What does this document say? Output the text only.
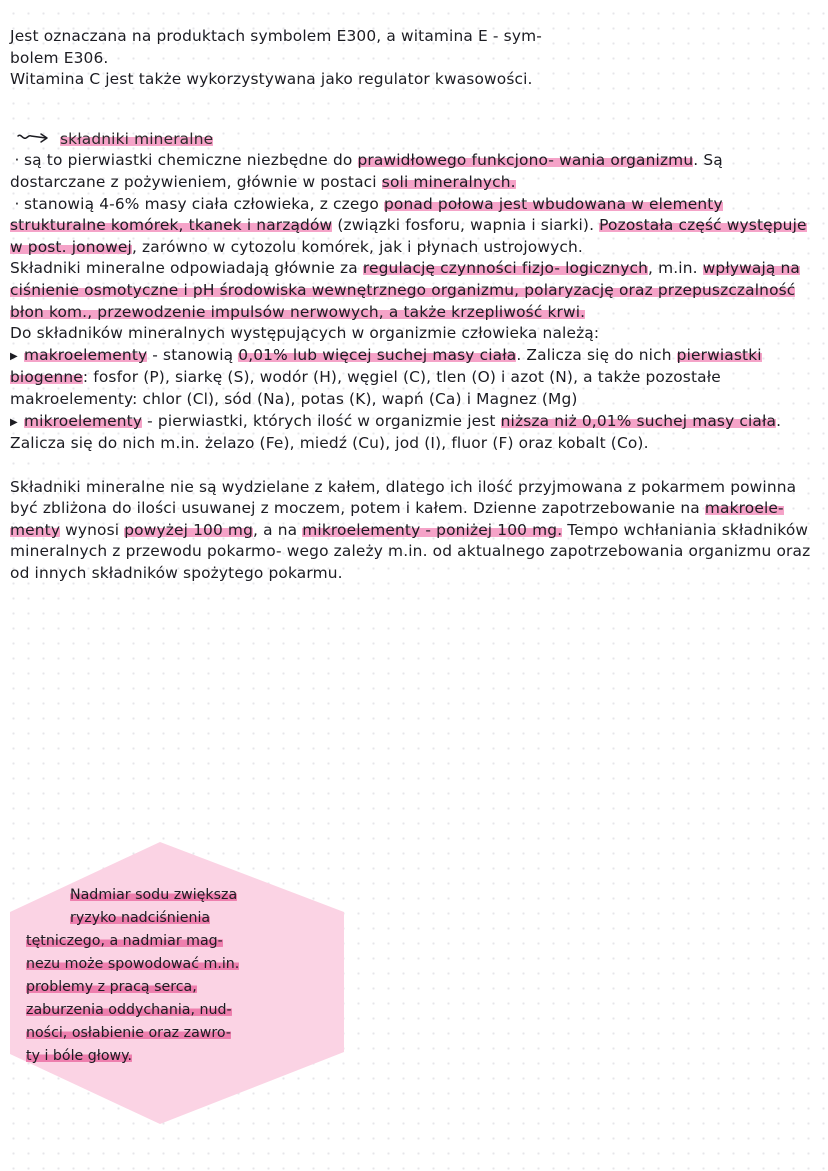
Jest oznaczana na produktach symbolem E300, a witamina E - sym-

bolem E306.

Witamina C jest także wykorzystywana jako regulator kwasowości.

składniki mineralne

· są to pierwiastki chemiczne niezbędne do prawidłowego funkcjono- wania organizmu. Są dostarczane z pożywieniem, głównie w postaci soli mineralnych.

· stanowią 4-6% masy ciała człowieka, z czego ponad połowa jest wbudowana w elementy strukturalne komórek, tkanek i narządów (związki fosforu, wapnia i siarki). Pozostała część występuje w post. jonowej, zarówno w cytozolu komórek, jak i płynach ustrojowych.

Składniki mineralne odpowiadają głównie za regulację czynności fizjo- logicznych, m.in. wpływają na ciśnienie osmotyczne i pH środowiska wewnętrznego organizmu, polaryzację oraz przepuszczalność błon kom., przewodzenie impulsów nerwowych, a także krzepliwość krwi.

Do składników mineralnych występujących w organizmie człowieka należą:

▶ makroelementy - stanowią 0,01% lub więcej suchej masy ciała. Zalicza się do nich pierwiastki biogenne: fosfor (P), siarkę (S), wodór (H), węgiel (C), tlen (O) i azot (N), a także pozostałe makroelementy: chlor (Cl), sód (Na), potas (K), wapń (Ca) i Magnez (Mg)

▶ mikroelementy - pierwiastki, których ilość w organizmie jest niższa niż 0,01% suchej masy ciała. Zalicza się do nich m.in. żelazo (Fe), miedź (Cu), jod (I), fluor (F) oraz kobalt (Co).

Składniki mineralne nie są wydzielane z kałem, dlatego ich ilość przyjmowana z pokarmem powinna być zbliżona do ilości usuwanej z moczem, potem i kałem. Dzienne zapotrzebowanie na makroele- menty wynosi powyżej 100 mg, a na mikroelementy - poniżej 100 mg. Tempo wchłaniania składników mineralnych z przewodu pokarmo- wego zależy m.in. od aktualnego zapotrzebowania organizmu oraz od innych składników spożytego pokarmu.

Nadmiar sodu zwiększa

ryzyko nadciśnienia

tętniczego, a nadmiar mag-

nezu może spowodować m.in.

problemy z pracą serca,

zaburzenia oddychania, nud-

ności, osłabienie oraz zawro-

ty i bóle głowy.
